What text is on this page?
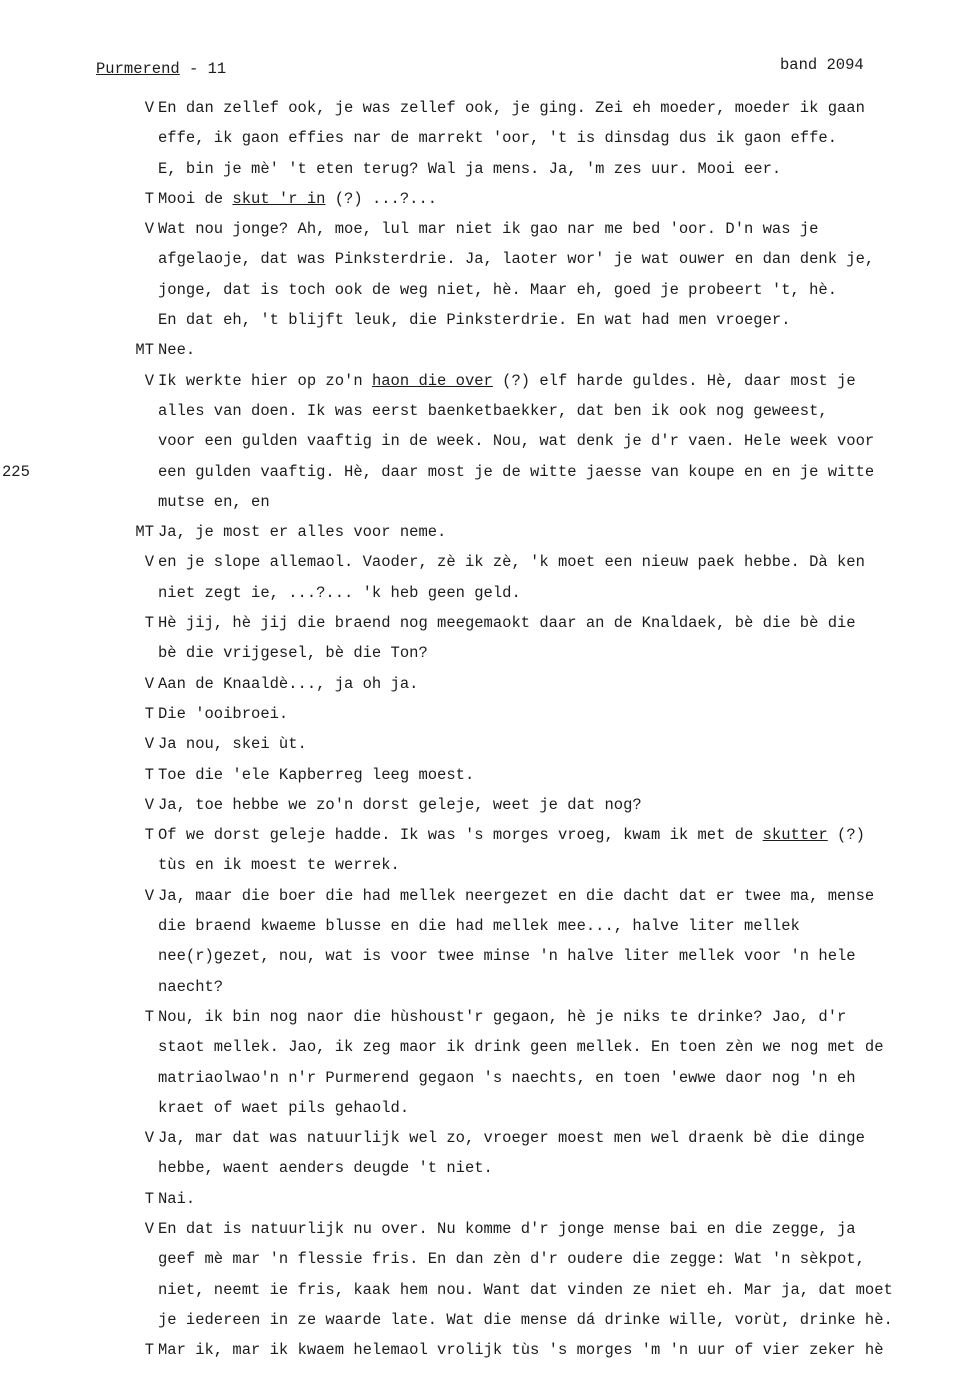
Purmerend - 11	band 2094
V En dan zellef ook, je was zellef ook, je ging. Zei eh moeder, moeder ik gaan
effe, ik gaon effies nar de marrekt 'oor, 't is dinsdag dus ik gaon effe.
E, bin je mè' 't eten terug? Wal ja mens. Ja, 'm zes uur. Mooi eer.
T Mooi de skut 'r in (?) ...?...
V Wat nou jonge? Ah, moe, lul mar niet ik gao nar me bed 'oor. D'n was je
afgelaoje, dat was Pinksterdrie. Ja, laoter wor' je wat ouwer en dan denk je,
jonge, dat is toch ook de weg niet, hè. Maar eh, goed je probeert 't, hè.
En dat eh, 't blijft leuk, die Pinksterdrie. En wat had men vroeger.
MT Nee.
V
225
Ik werkte hier op zo'n haon die over (?) elf harde guldes. Hè, daar most je
alles van doen. Ik was eerst baenketbaekker, dat ben ik ook nog geweest,
voor een gulden vaaftig in de week. Nou, wat denk je d'r vaen. Hele week voor
een gulden vaaftig. Hè, daar most je de witte jaesse van koupe en en je witte
mutse en, en
MT Ja, je most er alles voor neme.
V en je slope allemaol. Vaoder, zè ik zè, 'k moet een nieuw paek hebbe. Dà ken
niet zegt ie, ...?... 'k heb geen geld.
T Hè jij, hè jij die braend nog meegemaokt daar an de Knaldaek, bè die bè die
bè die vrijgesel, bè die Ton?
V Aan de Knaaldè..., ja oh ja.
T Die 'ooibroei.
V Ja nou, skei ùt.
T Toe die 'ele Kapberreg leeg moest.
V Ja, toe hebbe we zo'n dorst geleje, weet je dat nog?
T Of we dorst geleje hadde. Ik was 's morges vroeg, kwam ik met de skutter (?)
tùs en ik moest te werrek.
V Ja, maar die boer die had mellek neergezet en die dacht dat er twee ma, mense
die braend kwaeme blusse en die had mellek mee..., halve liter mellek
nee(r)gezet, nou, wat is voor twee minse 'n halve liter mellek voor 'n hele
naecht?
T Nou, ik bin nog naor die hùshoust'r gegaon, hè je niks te drinke? Jao, d'r
staot mellek. Jao, ik zeg maor ik drink geen mellek. En toen zèn we nog met de
matriaolwao'n n'r Purmerend gegaon 's naechts, en toen 'ewwe daor nog 'n eh
kraet of waet pils gehaold.
V Ja, mar dat was natuurlijk wel zo, vroeger moest men wel draenk bè die dinge
hebbe, waent aenders deugde 't niet.
T Nai.
V En dat is natuurlijk nu over. Nu komme d'r jonge mense bai en die zegge, ja
geef mè mar 'n flessie fris. En dan zèn d'r oudere die zegge: Wat 'n sèkpot,
niet, neemt ie fris, kaak hem nou. Want dat vinden ze niet eh. Mar ja, dat moet
je iedereen in ze waarde late. Wat die mense dá drinke wille, vorùt, drinke hè.
T Mar ik, mar ik kwaem helemaol vrolijk tùs 's morges 'm 'n uur of vier zeker hè
